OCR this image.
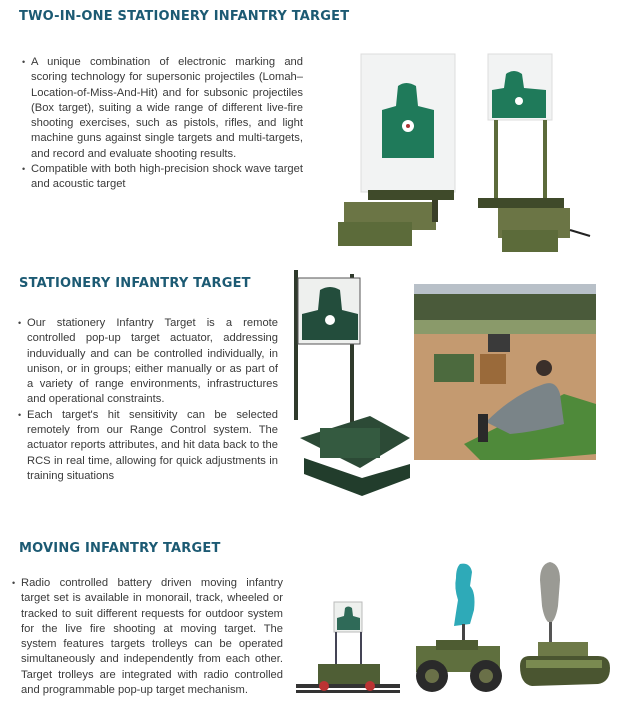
TWO-IN-ONE STATIONERY INFANTRY TARGET
• A unique combination of electronic marking and scoring technology for supersonic projectiles (Lomah– Location-of-Miss-And-Hit) and for subsonic projectiles (Box target), suiting a wide range of different live-fire shooting exercises, such as pistols, rifles, and light machine guns against single targets and multi-targets, and record and evaluate shooting results.
• Compatible with both high-precision shock wave target and acoustic target
STATIONERY INFANTRY TARGET
• Our stationery Infantry Target is a remote controlled pop-up target actuator, addressing induvidually and can be controlled individually, in unison, or in groups; either manually or as part of a variety of range environments, infrastructures and operational constraints.
• Each target's hit sensitivity can be selected remotely from our Range Control system. The actuator reports attributes, and hit data back to the RCS in real time, allowing for quick adjustments in training situations
MOVING INFANTRY TARGET
• Radio controlled battery driven moving infantry target set is available in monorail, track, wheeled or tracked to suit different requests for outdoor system for the live fire shooting at moving target. The system features targets trolleys can be operated simultaneously and independently from each other. Target trolleys are integrated with radio controlled and programmable pop-up target mechanism.
